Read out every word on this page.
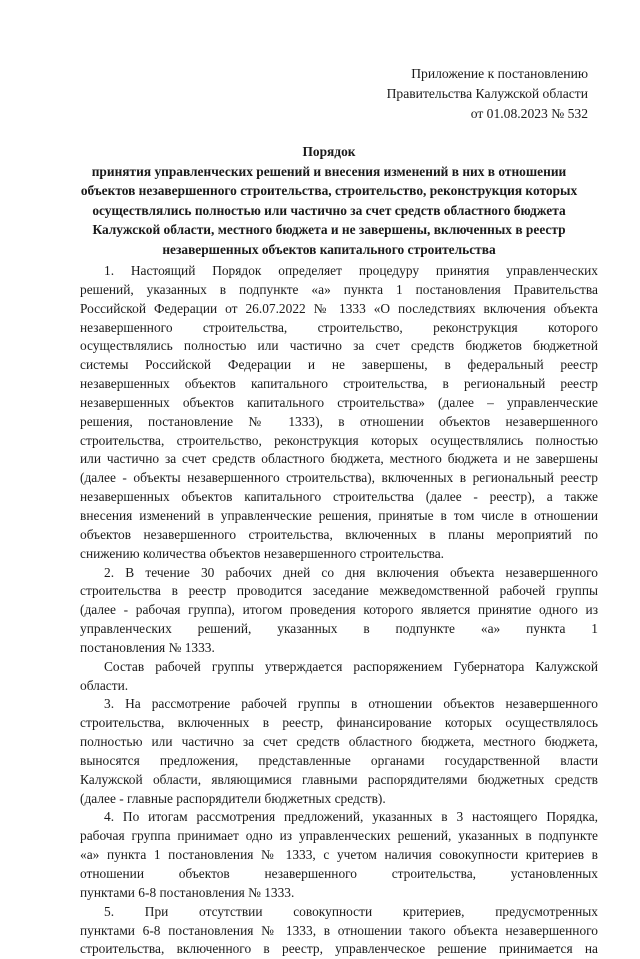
Приложение к постановлению
Правительства Калужской области
от 01.08.2023 № 532
Порядок
принятия управленческих решений и внесения изменений в них в отношении
объектов незавершенного строительства, строительство, реконструкция которых
осуществлялись полностью или частично за счет средств областного бюджета
Калужской области, местного бюджета и не завершены, включенных в реестр
незавершенных объектов капитального строительства
1. Настоящий Порядок определяет процедуру принятия управленческих
решений, указанных в подпункте «а» пункта 1 постановления Правительства
Российской Федерации от 26.07.2022 № 1333 «О последствиях включения объекта
незавершенного строительства, строительство, реконструкция которого
осуществлялись полностью или частично за счет средств бюджетов бюджетной
системы Российской Федерации и не завершены, в федеральный реестр
незавершенных объектов капитального строительства, в региональный реестр
незавершенных объектов капитального строительства» (далее – управленческие
решения, постановление № 1333), в отношении объектов незавершенного
строительства, строительство, реконструкция которых осуществлялись полностью
или частично за счет средств областного бюджета, местного бюджета и не завершены
(далее - объекты незавершенного строительства), включенных в региональный реестр
незавершенных объектов капитального строительства (далее - реестр), а также
внесения изменений в управленческие решения, принятые в том числе в отношении
объектов незавершенного строительства, включенных в планы мероприятий по
снижению количества объектов незавершенного строительства.
2. В течение 30 рабочих дней со дня включения объекта незавершенного
строительства в реестр проводится заседание межведомственной рабочей группы
(далее - рабочая группа), итогом проведения которого является принятие одного из
управленческих решений, указанных в подпункте «а» пункта 1
постановления № 1333.
Состав рабочей группы утверждается распоряжением Губернатора Калужской
области.
3. На рассмотрение рабочей группы в отношении объектов незавершенного
строительства, включенных в реестр, финансирование которых осуществлялось
полностью или частично за счет средств областного бюджета, местного бюджета,
выносятся предложения, представленные органами государственной власти
Калужской области, являющимися главными распорядителями бюджетных средств
(далее - главные распорядители бюджетных средств).
4. По итогам рассмотрения предложений, указанных в 3 настоящего Порядка,
рабочая группа принимает одно из управленческих решений, указанных в подпункте
«а» пункта 1 постановления № 1333, с учетом наличия совокупности критериев в
отношении объектов незавершенного строительства, установленных
пунктами 6-8 постановления № 1333.
5. При отсутствии совокупности критериев, предусмотренных
пунктами 6-8 постановления № 1333, в отношении такого объекта незавершенного
строительства, включенного в реестр, управленческое решение принимается на
